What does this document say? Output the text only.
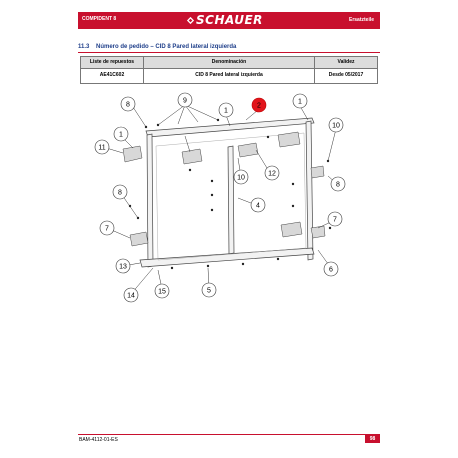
COMPIDENT 8	SCHAUER	Ersatzteile
11.3 Número de pedido – CID 8 Pared lateral izquierda
Liste de repuestos	Denominación	Validez
AE41C602	CID 8 Pared lateral izquierda	Desde 05/2017
8
9
2
1
1
10
11
1
12
10
8
4
8
7
7
13	6
14
15	5
BAM-4112-01-ES	98
